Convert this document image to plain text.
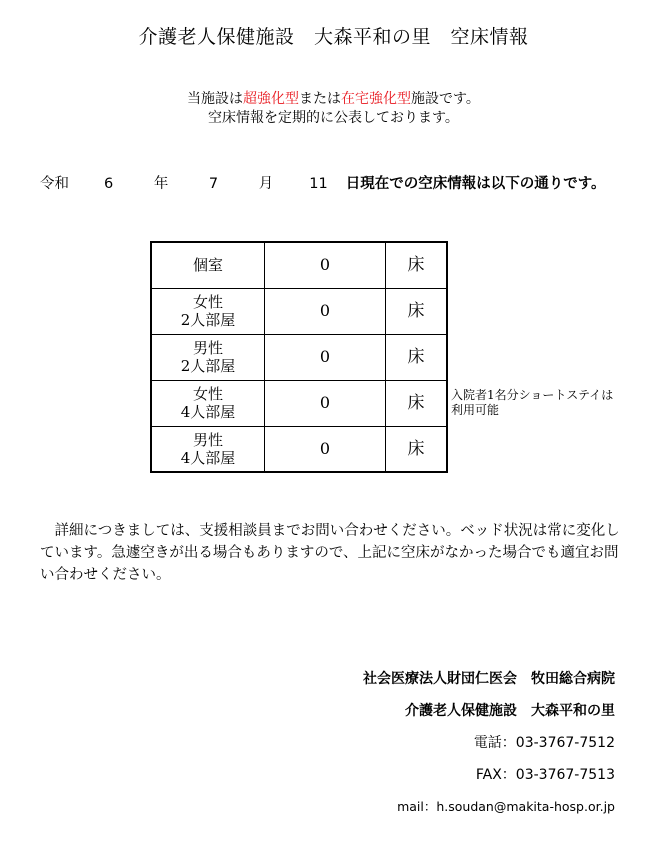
介護老人保健施設　大森平和の里　空床情報
当施設は超強化型または在宅強化型施設です。
空床情報を定期的に公表しております。
令和 6	年	7	月 11 日現在での空床情報は以下の通りです。
個室	0	床

女性
2人部屋	0	床

男性
2人部屋	0	床

女性
4人部屋	0	床

男性
4人部屋	0	床
入院者1名分ショートステイは利用可能
　詳細につきましては、支援相談員までお問い合わせください。ベッド状況は常に変化しています。急遽空きが出る場合もありますので、上記に空床がなかった場合でも適宜お問い合わせください。
社会医療法人財団仁医会　牧田総合病院
介護老人保健施設　大森平和の里
電話：03-3767-7512
FAX：03-3767-7513
mail：h.soudan@makita-hosp.or.jp
